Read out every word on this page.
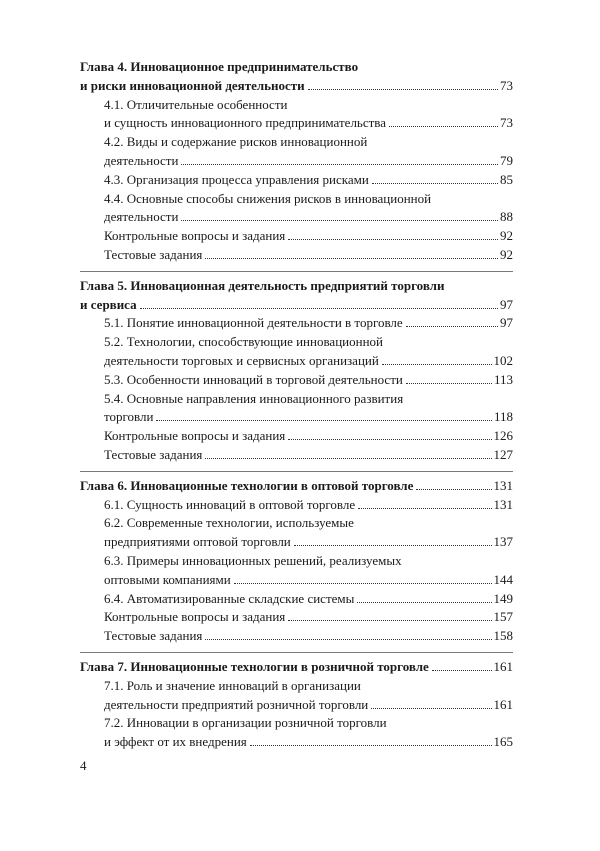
Глава 4. Инновационное предпринимательство
и риски инновационной деятельности	73
4.1. Отличительные особенности
и сущность инновационного предпринимательства	73
4.2. Виды и содержание рисков инновационной
деятельности	79
4.3. Организация процесса управления рисками	85
4.4. Основные способы снижения рисков в инновационной
деятельности	88
Контрольные вопросы и задания	92
Тестовые задания	92
Глава 5. Инновационная деятельность предприятий торговли
и сервиса	97
5.1. Понятие инновационной деятельности в торговле	97
5.2. Технологии, способствующие инновационной
деятельности торговых и сервисных организаций	102
5.3. Особенности инноваций в торговой деятельности	113
5.4. Основные направления инновационного развития
торговли	118
Контрольные вопросы и задания	126
Тестовые задания	127
Глава 6. Инновационные технологии в оптовой торговле	131
6.1. Сущность инноваций в оптовой торговле	131
6.2. Современные технологии, используемые
предприятиями оптовой торговли	137
6.3. Примеры инновационных решений, реализуемых
оптовыми компаниями	144
6.4. Автоматизированные складские системы	149
Контрольные вопросы и задания	157
Тестовые задания	158
Глава 7. Инновационные технологии в розничной торговле	161
7.1. Роль и значение инноваций в организации
деятельности предприятий розничной торговли	161
7.2. Инновации в организации розничной торговли
и эффект от их внедрения	165
4
